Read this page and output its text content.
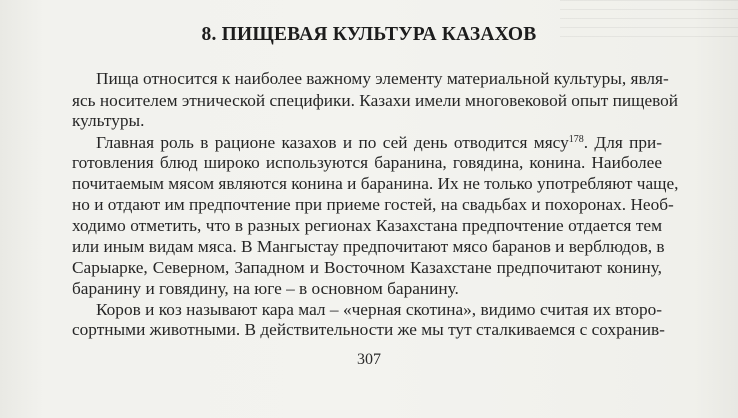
8. ПИЩЕВАЯ КУЛЬТУРА КАЗАХОВ
Пища относится к наиболее важному элементу материальной культуры, явля-
ясь носителем этнической специфики. Казахи имели многовековой опыт пищевой
культуры.
Главная роль в рационе казахов и по сей день отводится мясу$^{178}$. Для при-
готовления блюд широко используются баранина, говядина, конина. Наиболее
почитаемым мясом являются конина и баранина. Их не только употребляют чаще,
но и отдают им предпочтение при приеме гостей, на свадьбах и похоронах. Необ-
ходимо отметить, что в разных регионах Казахстана предпочтение отдается тем
или иным видам мяса. В Мангыстау предпочитают мясо баранов и верблюдов, в
Сарыарке, Северном, Западном и Восточном Казахстане предпочитают конину,
баранину и говядину, на юге – в основном баранину.
Коров и коз называют кара мал – «черная скотина», видимо считая их второ-
сортными животными. В действительности же мы тут сталкиваемся с сохранив-
307
